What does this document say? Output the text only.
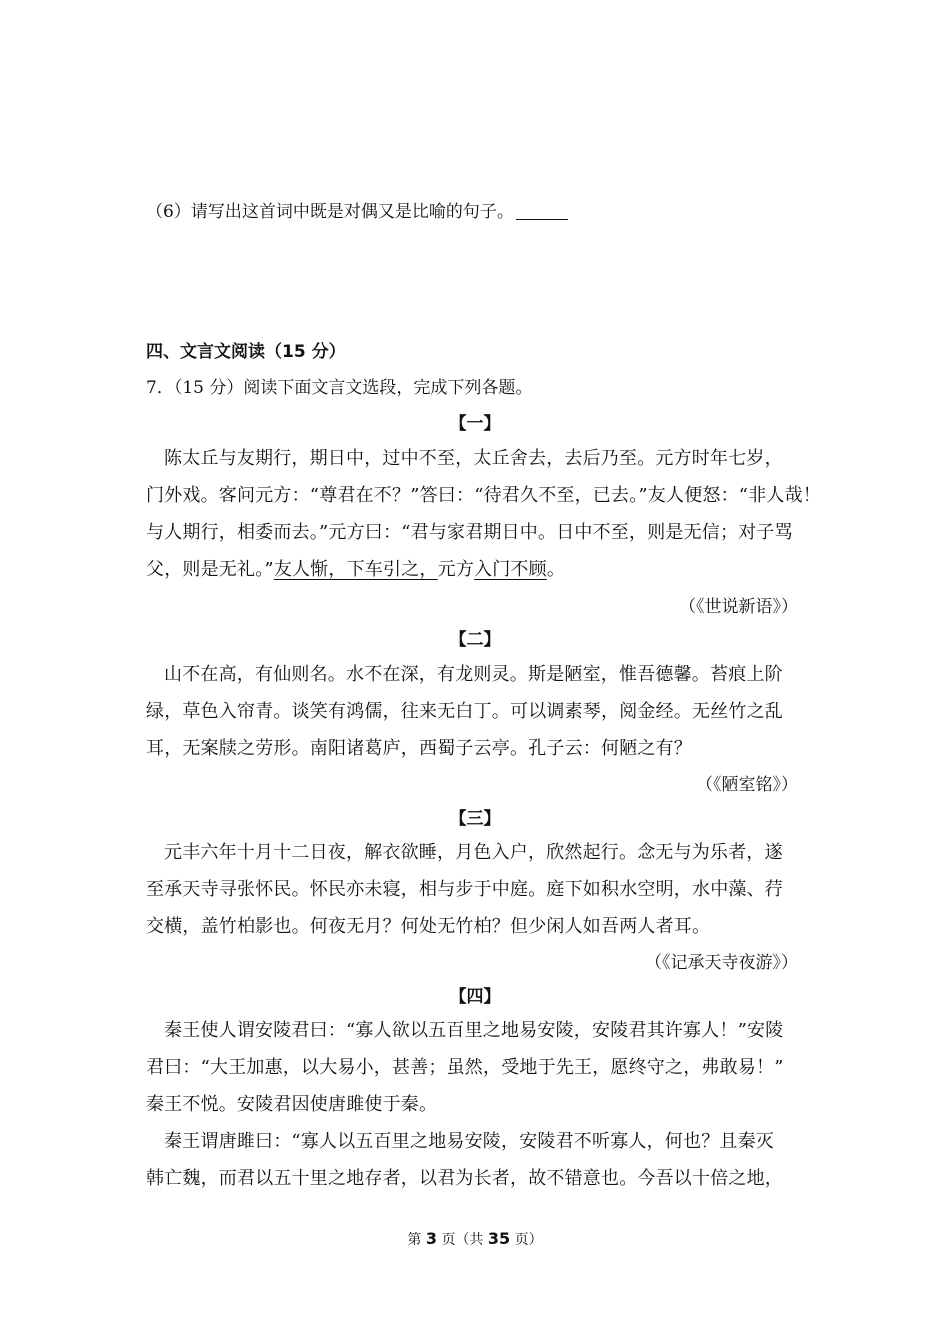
（6）请写出这首词中既是对偶又是比喻的句子。
四、文言文阅读（15 分）
7．（15 分）阅读下面文言文选段，完成下列各题。
【一】
陈太丘与友期行，期日中，过中不至，太丘舍去，去后乃至。元方时年七岁，
门外戏。客问元方：“尊君在不？”答曰：“待君久不至，已去。”友人便怒：“非人哉！
与人期行，相委而去。”元方曰：“君与家君期日中。日中不至，则是无信；对子骂
父，则是无礼。”友人惭，下车引之，元方入门不顾。
（《世说新语》）
【二】
山不在高，有仙则名。水不在深，有龙则灵。斯是陋室，惟吾德馨。苔痕上阶
绿，草色入帘青。谈笑有鸿儒，往来无白丁。可以调素琴，阅金经。无丝竹之乱
耳，无案牍之劳形。南阳诸葛庐，西蜀子云亭。孔子云：何陋之有？
（《陋室铭》）
【三】
元丰六年十月十二日夜，解衣欲睡，月色入户，欣然起行。念无与为乐者，遂
至承天寺寻张怀民。怀民亦未寝，相与步于中庭。庭下如积水空明，水中藻、荇
交横，盖竹柏影也。何夜无月？何处无竹柏？但少闲人如吾两人者耳。
（《记承天寺夜游》）
【四】
秦王使人谓安陵君曰：“寡人欲以五百里之地易安陵，安陵君其许寡人！”安陵
君曰：“大王加惠，以大易小，甚善；虽然，受地于先王，愿终守之，弗敢易！”
秦王不悦。安陵君因使唐雎使于秦。
秦王谓唐雎曰：“寡人以五百里之地易安陵，安陵君不听寡人，何也？且秦灭
韩亡魏，而君以五十里之地存者，以君为长者，故不错意也。今吾以十倍之地，
第 3 页（共 35 页）
